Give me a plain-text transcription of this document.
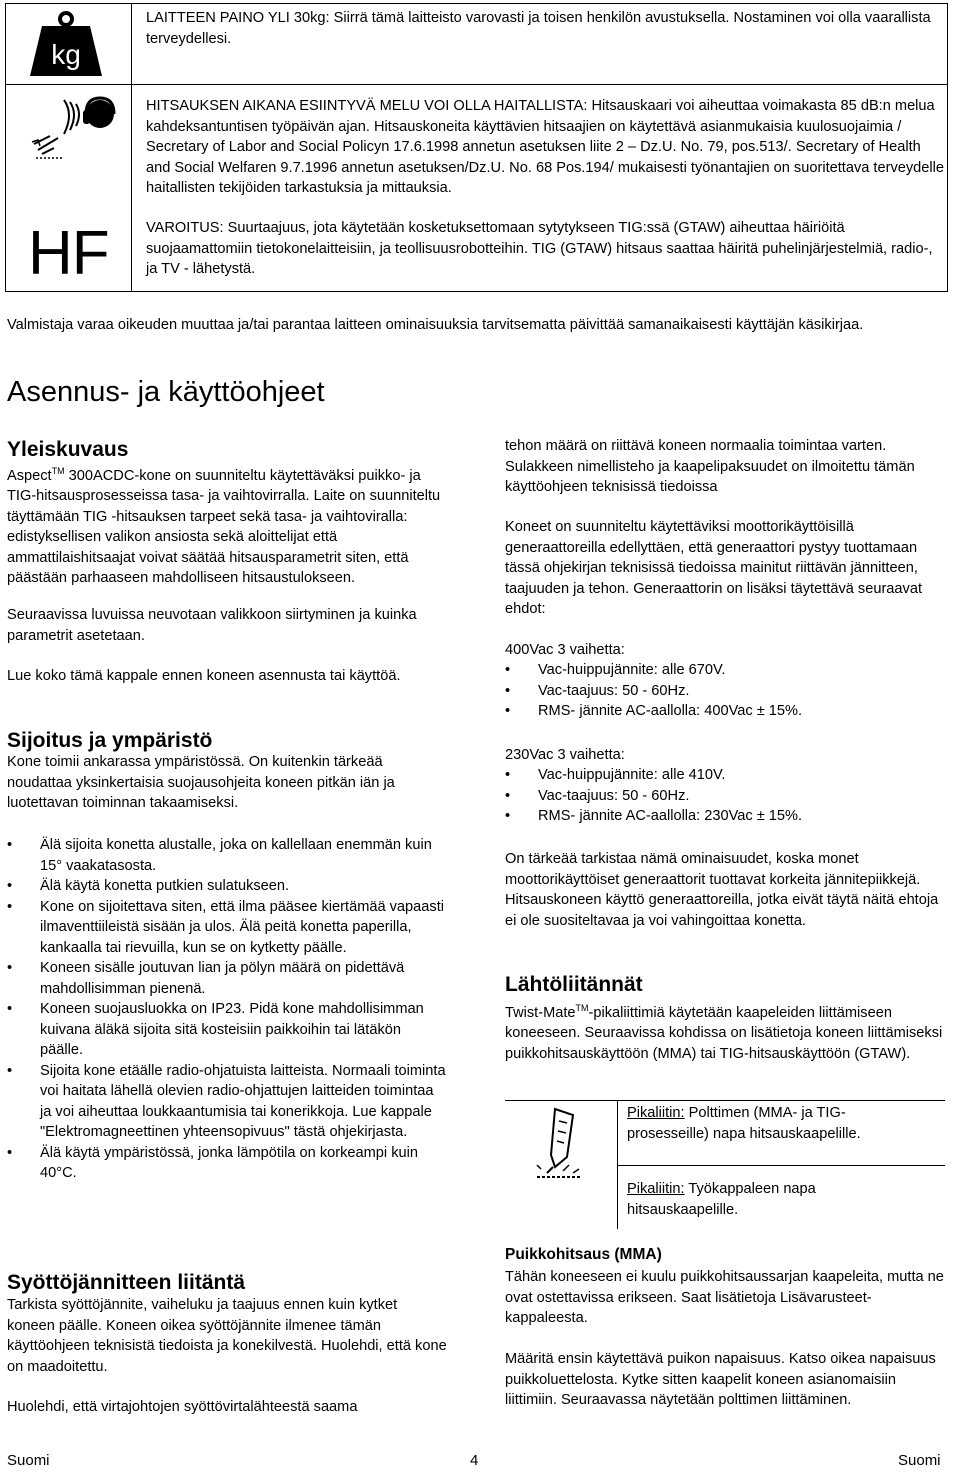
kg
HF

LAITTEEN PAINO YLI 30kg: Siirrä tämä laitteisto varovasti ja toisen henkilön avustuksella. Nostaminen voi olla vaarallista terveydellesi.

HITSAUKSEN AIKANA ESIINTYVÄ MELU VOI OLLA HAITALLISTA: Hitsauskaari voi aiheuttaa voimakasta 85 dB:n melua kahdeksantuntisen työpäivän ajan. Hitsauskoneita käyttävien hitsaajien on käytettävä asianmukaisia kuulosuojaimia / Secretary of Labor and Social Policyn 17.6.1998 annetun asetuksen liite 2 – Dz.U. No. 79, pos.513/. Secretary of Health and Social Welfaren 9.7.1996 annetun asetuksen/Dz.U. No. 68 Pos.194/ mukaisesti työnantajien on suoritettava terveydelle haitallisten tekijöiden tarkastuksia ja mittauksia.

VAROITUS: Suurtaajuus, jota käytetään kosketuksettomaan sytytykseen TIG:ssä (GTAW) aiheuttaa häiriöitä suojaamattomiin tietokonelaitteisiin, ja teollisuusrobotteihin. TIG (GTAW) hitsaus saattaa häiritä puhelinjärjestelmiä, radio-, ja TV - lähetystä.

Valmistaja varaa oikeuden muuttaa ja/tai parantaa laitteen ominaisuuksia tarvitsematta päivittää samanaikaisesti käyttäjän käsikirjaa.

Asennus- ja käyttöohjeet
Yleiskuvaus

Aspect™ 300ACDC-kone on suunniteltu käytettäväksi puikko- ja TIG-hitsausprosesseissa tasa- ja vaihtovirralla. Laite on suunniteltu täyttämään TIG -hitsauksen tarpeet sekä tasa- ja vaihtoviralla: edistyksellisen valikon ansiosta sekä aloittelijat että ammattilaishitsaajat voivat säätää hitsausparametrit siten, että päästään parhaaseen mahdolliseen hitsaustulokseen.

Seuraavissa luvuissa neuvotaan valikkoon siirtyminen ja kuinka parametrit asetetaan.

Lue koko tämä kappale ennen koneen asennusta tai käyttöä.

Sijoitus ja ympäristö

Kone toimii ankarassa ympäristössä. On kuitenkin tärkeää noudattaa yksinkertaisia suojausohjeita koneen pitkän iän ja luotettavan toiminnan takaamiseksi.

• Älä sijoita konetta alustalle, joka on kallellaan enemmän kuin 15° vaakatasosta.
• Älä käytä konetta putkien sulatukseen.
• Kone on sijoitettava siten, että ilma pääsee kiertämää vapaasti ilmaventtiileistä sisään ja ulos. Älä peitä konetta paperilla, kankaalla tai rievuilla, kun se on kytketty päälle.
• Koneen sisälle joutuvan lian ja pölyn määrä on pidettävä mahdollisimman pienenä.
• Koneen suojausluokka on IP23. Pidä kone mahdollisimman kuivana äläkä sijoita sitä kosteisiin paikkoihin tai lätäkön päälle.
• Sijoita kone etäälle radio-ohjatuista laitteista. Normaali toiminta voi haitata lähellä olevien radio-ohjattujen laitteiden toimintaa ja voi aiheuttaa loukkaantumisia tai konerikkoja. Lue kappale "Elektromagneettinen yhteensopivuus" tästä ohjekirjasta.
• Älä käytä ympäristössä, jonka lämpötila on korkeampi kuin 40°C.
Syöttöjännitteen liitäntä

Tarkista syöttöjännite, vaiheluku ja taajuus ennen kuin kytket koneen päälle. Koneen oikea syöttöjännite ilmenee tämän käyttöohjeen teknisistä tiedoista ja konekilvestä. Huolehdi, että kone on maadoitettu.

Huolehdi, että virtajohtojen syöttövirtalähteestä saama

tehon määrä on riittävä koneen normaalia toimintaa varten. Sulakkeen nimellisteho ja kaapelipaksuudet on ilmoitettu tämän käyttöohjeen teknisissä tiedoissa

Koneet on suunniteltu käytettäviksi moottorikäyttöisillä generaattoreilla edellyttäen, että generaattori pystyy tuottamaan tässä ohjekirjan teknisissä tiedoissa mainitut riittävän jännitteen, taajuuden ja tehon. Generaattorin on lisäksi täytettävä seuraavat ehdot:

400Vac 3 vaihetta:

• Vac-huippujännite: alle 670V.
• Vac-taajuus: 50 - 60Hz.
• RMS- jännite AC-aallolla: 400Vac ± 15%.

230Vac 3 vaihetta:

• Vac-huippujännite: alle 410V.
• Vac-taajuus: 50 - 60Hz.
• RMS- jännite AC-aallolla: 230Vac ± 15%.

On tärkeää tarkistaa nämä ominaisuudet, koska monet moottorikäyttöiset generaattorit tuottavat korkeita jännitepiikkejä. Hitsauskoneen käyttö generaattoreilla, jotka eivät täytä näitä ehtoja ei ole suositeltavaa ja voi vahingoittaa konetta.

Lähtöliitännät

Twist-Mate™-pikaliittimiä käytetään kaapeleiden liittämiseen koneeseen. Seuraavissa kohdissa on lisätietoja koneen liittämiseksi puikkohitsauskäyttöön (MMA) tai TIG-hitsauskäyttöön (GTAW).

Pikaliitin: Polttimen (MMA- ja TIG-prosesseille) napa hitsauskaapelille.

Pikaliitin: Työkappaleen napa hitsauskaapelille.

Puikkohitsaus (MMA)

Tähän koneeseen ei kuulu puikkohitsaussarjan kaapeleita, mutta ne ovat ostettavissa erikseen. Saat lisätietoja Lisävarusteet-kappaleesta.

Määritä ensin käytettävä puikon napaisuus. Katso oikea napaisuus puikkoluettelosta. Kytke sitten kaapelit koneen asianomaisiin liittimiin. Seuraavassa näytetään polttimen liittäminen.

Suomi	4	Suomi
